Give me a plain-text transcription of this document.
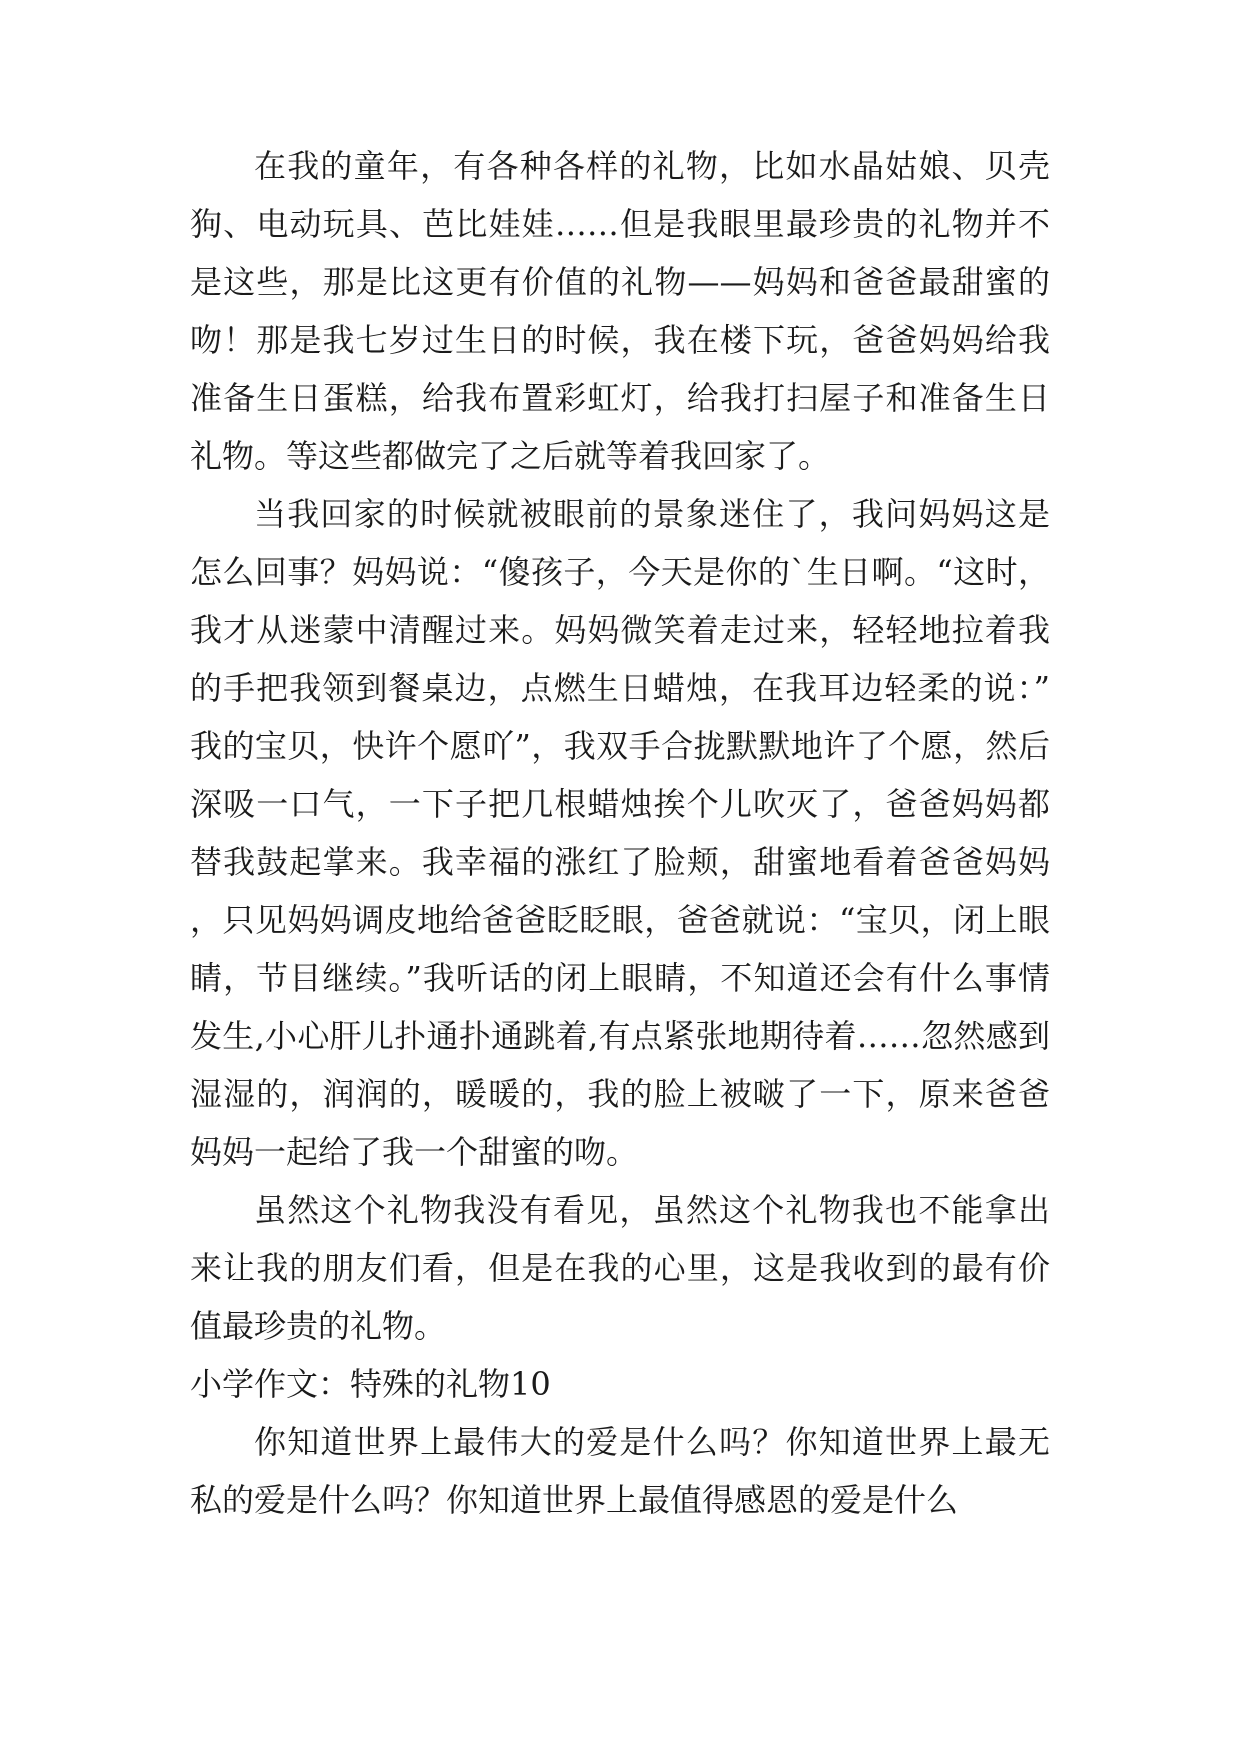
在我的童年，有各种各样的礼物，比如水晶姑娘、贝壳狗、电动玩具、芭比娃娃……但是我眼里最珍贵的礼物并不是这些，那是比这更有价值的礼物——妈妈和爸爸最甜蜜的吻！那是我七岁过生日的时候，我在楼下玩，爸爸妈妈给我准备生日蛋糕，给我布置彩虹灯，给我打扫屋子和准备生日礼物。等这些都做完了之后就等着我回家了。

当我回家的时候就被眼前的景象迷住了，我问妈妈这是怎么回事？妈妈说：“傻孩子，今天是你的`生日啊。“这时，我才从迷蒙中清醒过来。妈妈微笑着走过来，轻轻地拉着我的手把我领到餐桌边，点燃生日蜡烛，在我耳边轻柔的说：”我的宝贝，快许个愿吖”，我双手合拢默默地许了个愿，然后深吸一口气，一下子把几根蜡烛挨个儿吹灭了，爸爸妈妈都替我鼓起掌来。我幸福的涨红了脸颊，甜蜜地看着爸爸妈妈，只见妈妈调皮地给爸爸眨眨眼，爸爸就说：“宝贝，闭上眼睛，节目继续。”我听话的闭上眼睛，不知道还会有什么事情发生,小心肝儿扑通扑通跳着,有点紧张地期待着……忽然感到湿湿的，润润的，暖暖的，我的脸上被啵了一下，原来爸爸妈妈一起给了我一个甜蜜的吻。

虽然这个礼物我没有看见，虽然这个礼物我也不能拿出来让我的朋友们看，但是在我的心里，这是我收到的最有价值最珍贵的礼物。

小学作文：特殊的礼物10

你知道世界上最伟大的爱是什么吗？你知道世界上最无私的爱是什么吗？你知道世界上最值得感恩的爱是什么
